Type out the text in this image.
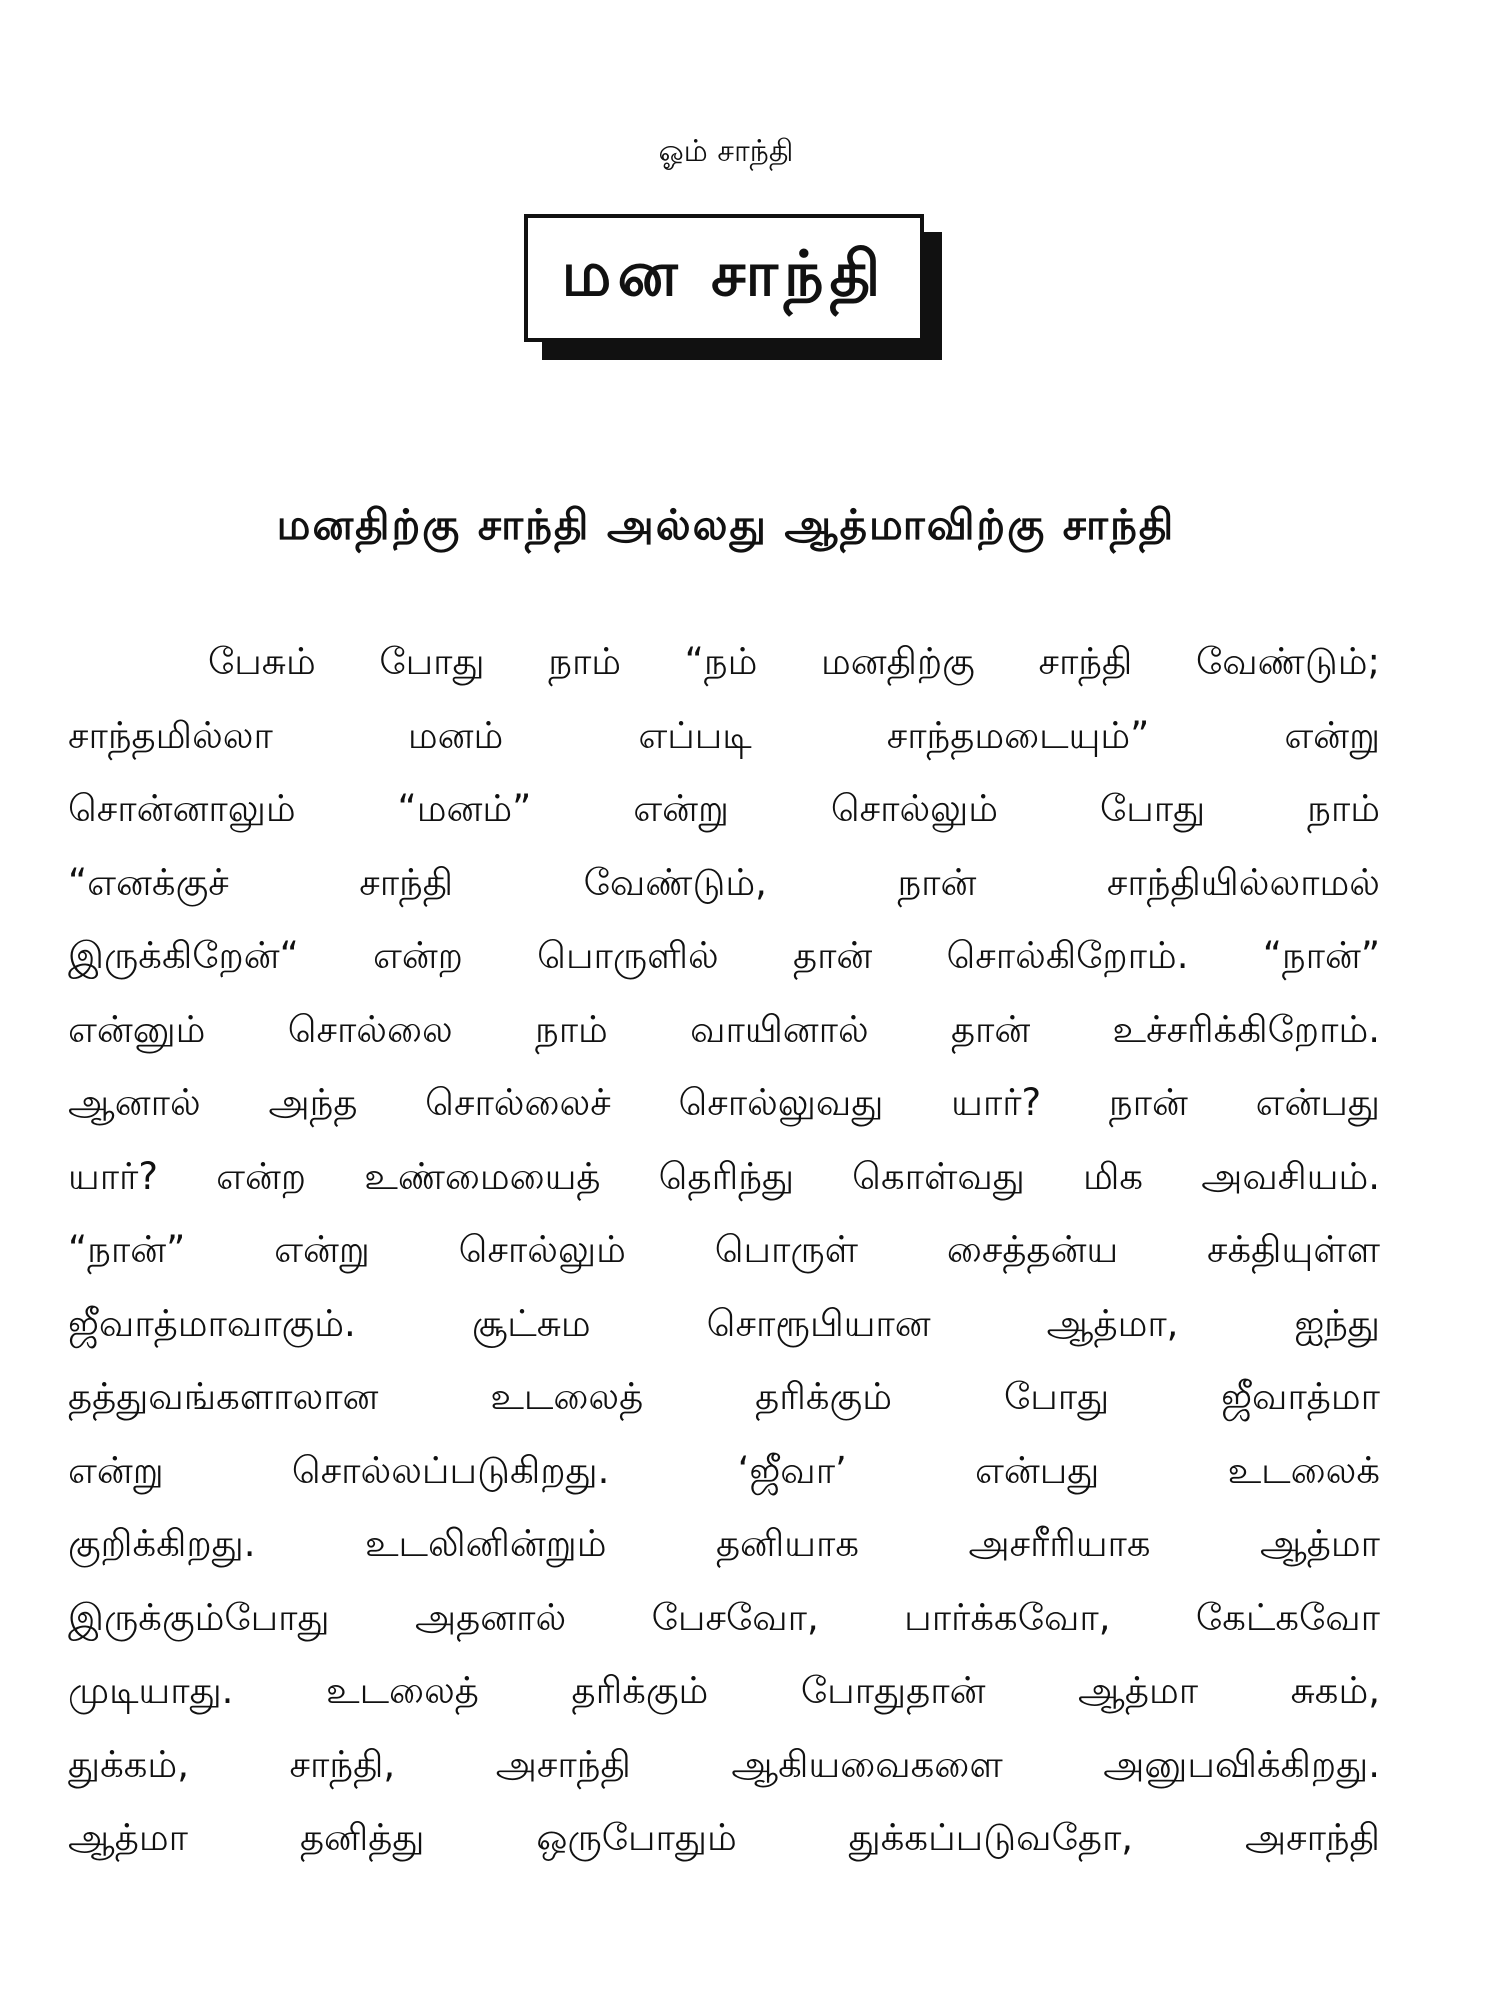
ஓம் சாந்தி
மன சாந்தி
மனதிற்கு சாந்தி அல்லது ஆத்மாவிற்கு சாந்தி
பேசும் போது நாம் “நம் மனதிற்கு சாந்தி வேண்டும்;
சாந்தமில்லா மனம் எப்படி சாந்தமடையும்” என்று
சொன்னாலும் “மனம்” என்று சொல்லும் போது நாம்
“எனக்குச் சாந்தி வேண்டும், நான் சாந்தியில்லாமல்
இருக்கிறேன்“ என்ற பொருளில் தான் சொல்கிறோம். “நான்”
என்னும் சொல்லை நாம் வாயினால் தான் உச்சரிக்கிறோம்.
ஆனால் அந்த சொல்லைச் சொல்லுவது யார்? நான் என்பது
யார்? என்ற உண்மையைத் தெரிந்து கொள்வது மிக அவசியம்.
“நான்” என்று சொல்லும் பொருள் சைத்தன்ய சக்தியுள்ள
ஜீவாத்மாவாகும். சூட்சும சொரூபியான ஆத்மா, ஐந்து
தத்துவங்களாலான உடலைத் தரிக்கும் போது ஜீவாத்மா
என்று சொல்லப்படுகிறது. ‘ஜீவா’ என்பது உடலைக்
குறிக்கிறது. உடலினின்றும் தனியாக அசரீரியாக ஆத்மா
இருக்கும்போது அதனால் பேசவோ, பார்க்கவோ, கேட்கவோ
முடியாது. உடலைத் தரிக்கும் போதுதான் ஆத்மா சுகம்,
துக்கம், சாந்தி, அசாந்தி ஆகியவைகளை அனுபவிக்கிறது.
ஆத்மா தனித்து ஒருபோதும் துக்கப்படுவதோ, அசாந்தி
